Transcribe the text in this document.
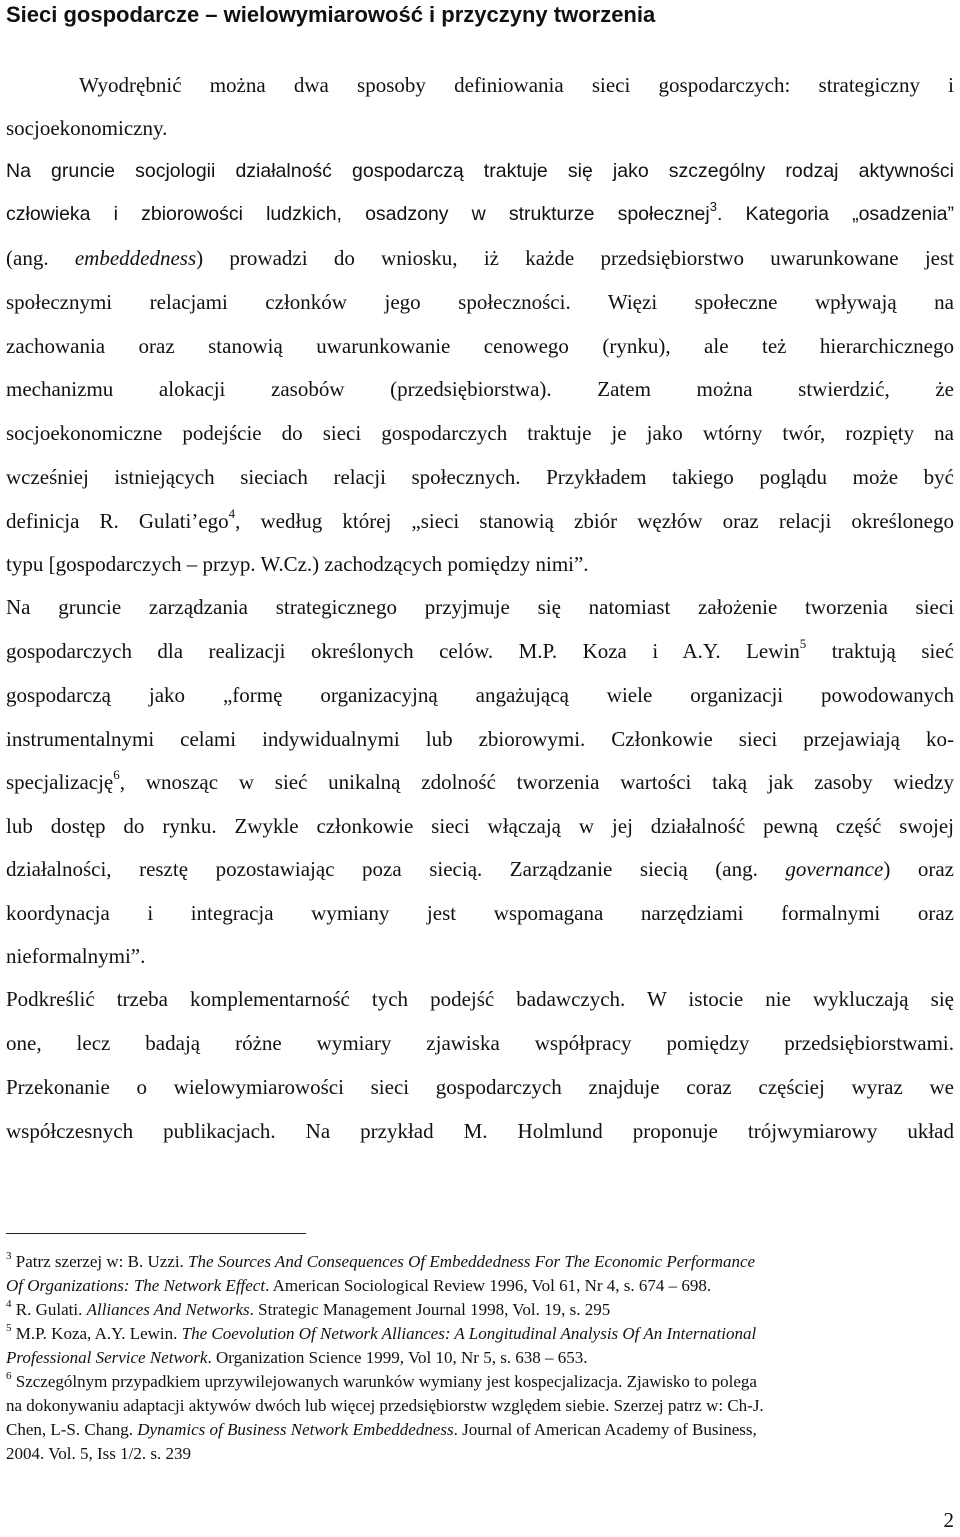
Sieci gospodarcze – wielowymiarowość i przyczyny tworzenia
Wyodrębnić można dwa sposoby definiowania sieci gospodarczych: strategiczny i
socjoekonomiczny.
Na gruncie socjologii działalność gospodarczą traktuje się jako szczególny rodzaj aktywności
człowieka i zbiorowości ludzkich, osadzony w strukturze społecznej$^3$. Kategoria „osadzenia”
(ang. embeddedness) prowadzi do wniosku, iż każde przedsiębiorstwo uwarunkowane jest
społecznymi relacjami członków jego społeczności. Więzi społeczne wpływają na
zachowania oraz stanowią uwarunkowanie cenowego (rynku), ale też hierarchicznego
mechanizmu alokacji zasobów (przedsiębiorstwa). Zatem można stwierdzić, że
socjoekonomiczne podejście do sieci gospodarczych traktuje je jako wtórny twór, rozpięty na
wcześniej istniejących sieciach relacji społecznych. Przykładem takiego poglądu może być
definicja R. Gulati’ego$^4$, według której „sieci stanowią zbiór węzłów oraz relacji określonego
typu [gospodarczych – przyp. W.Cz.) zachodzących pomiędzy nimi”.
Na gruncie zarządzania strategicznego przyjmuje się natomiast założenie tworzenia sieci
gospodarczych dla realizacji określonych celów. M.P. Koza i A.Y. Lewin$^5$ traktują sieć
gospodarczą jako „formę organizacyjną angażującą wiele organizacji powodowanych
instrumentalnymi celami indywidualnymi lub zbiorowymi. Członkowie sieci przejawiają ko-
specjalizację$^6$, wnosząc w sieć unikalną zdolność tworzenia wartości taką jak zasoby wiedzy
lub dostęp do rynku. Zwykle członkowie sieci włączają w jej działalność pewną część swojej
działalności, resztę pozostawiając poza siecią. Zarządzanie siecią (ang. governance) oraz
koordynacja i integracja wymiany jest wspomagana narzędziami formalnymi oraz
nieformalnymi”.
Podkreślić trzeba komplementarność tych podejść badawczych. W istocie nie wykluczają się
one, lecz badają różne wymiary zjawiska współpracy pomiędzy przedsiębiorstwami.
Przekonanie o wielowymiarowości sieci gospodarczych znajduje coraz częściej wyraz we
współczesnych publikacjach. Na przykład M. Holmlund proponuje trójwymiarowy układ
$^3$ Patrz szerzej w: B. Uzzi. The Sources And Consequences Of Embeddedness For The Economic Performance
Of Organizations: The Network Effect. American Sociological Review 1996, Vol 61, Nr 4, s. 674 – 698.
$^4$ R. Gulati. Alliances And Networks. Strategic Management Journal 1998, Vol. 19, s. 295
$^5$ M.P. Koza, A.Y. Lewin. The Coevolution Of Network Alliances: A Longitudinal Analysis Of An International
Professional Service Network. Organization Science 1999, Vol 10, Nr 5, s. 638 – 653.
$^6$ Szczególnym przypadkiem uprzywilejowanych warunków wymiany jest kospecjalizacja. Zjawisko to polega
na dokonywaniu adaptacji aktywów dwóch lub więcej przedsiębiorstw względem siebie. Szerzej patrz w: Ch-J.
Chen, L-S. Chang. Dynamics of Business Network Embeddedness. Journal of American Academy of Business,
2004. Vol. 5, Iss 1/2. s. 239
2
